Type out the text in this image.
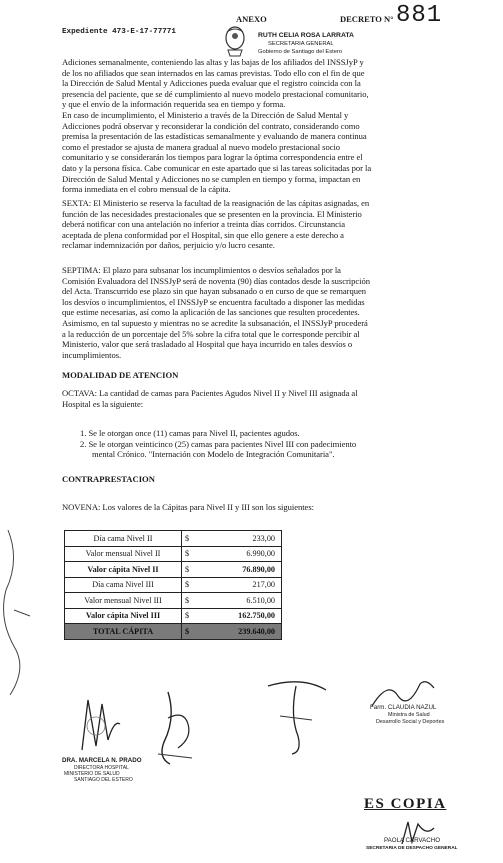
ANEXO	DECRETO N° 881
Expediente 473-E-17-77771	RUTH CELIA ROSA LARRATA
SECRETARIA GENERAL
Gobierno de Santiago del Estero
Adiciones semanalmente, conteniendo las altas y las bajas de los afiliados del INSSJyP y
de los no afiliados que sean internados en las camas previstas. Todo ello con el fin de que
la Dirección de Salud Mental y Adicciones pueda evaluar que el registro coincida con la
presencia del paciente, que se dé cumplimiento al nuevo modelo prestacional comunitario,
y que el envío de la información requerida sea en tiempo y forma.
En caso de incumplimiento, el Ministerio a través de la Dirección de Salud Mental y
Adicciones podrá observar y reconsiderar la condición del contrato, considerando como
premisa la presentación de las estadísticas semanalmente y evaluando de manera continua
como el prestador se ajusta de manera gradual al nuevo modelo prestacional socio
comunitario y se considerarán los tiempos para lograr la óptima correspondencia entre el
dato y la persona física. Cabe comunicar en este apartado que si las tareas solicitadas por la
Dirección de Salud Mental y Adicciones no se cumplen en tiempo y forma, impactan en
forma inmediata en el cobro mensual de la cápita.
SEXTA: El Ministerio se reserva la facultad de la reasignación de las cápitas asignadas, en
función de las necesidades prestacionales que se presenten en la provincia. El Ministerio
deberá notificar con una antelación no inferior a treinta días corridos. Circunstancia
aceptada de plena conformidad por el Hospital, sin que ello genere a este derecho a
reclamar indemnización por daños, perjuicio y/o lucro cesante.
SEPTIMA: El plazo para subsanar los incumplimientos o desvíos señalados por la
Comisión Evaluadora del INSSJyP será de noventa (90) días contados desde la suscripción
del Acta. Transcurrido ese plazo sin que hayan subsanado o en curso de que se remarquen
los desvíos o incumplimientos, el INSSJyP se encuentra facultado a disponer las medidas
que estime necesarias, así como la aplicación de las sanciones que resulten procedentes.
Asimismo, en tal supuesto y mientras no se acredite la subsanación, el INSSJyP procederá
a la reducción de un porcentaje del 5% sobre la cifra total que le corresponde percibir al
Ministerio, valor que será trasladado al Hospital que haya incurrido en tales desvíos o
incumplimientos.
MODALIDAD DE ATENCION
OCTAVA: La cantidad de camas para Pacientes Agudos Nivel II y Nivel III asignada al
Hospital es la siguiente:
1. Se le otorgan once (11) camas para Nivel II, pacientes agudos.
2. Se le otorgan veinticinco (25) camas para pacientes Nivel III con padecimiento
mental Crónico. "Internación con Modelo de Integración Comunitaria".
CONTRAPRESTACION
NOVENA: Los valores de la Cápitas para Nivel II y III son los siguientes:
Día cama Nivel II	$	233,00
Valor mensual Nivel II	$	6.990,00
Valor cápita Nivel II	$	76.890,00
Día cama Nivel III	$	217,00
Valor mensual Nivel III	$	6.510,00
Valor cápita Nivel III	$	162.750,00
TOTAL CÁPITA	$	239.640,00
DRA. MARCELA N. PRADO
DIRECTORA HOSPITAL
MINISTERIO DE SALUD
SANTIAGO DEL ESTERO
Farm. CLAUDIA NAZUL
Ministra de Salud
Desarrollo Social y Deportes
ES COPIA
PAOLA CARVACHO
SECRETARIA DE DESPACHO GENERAL
